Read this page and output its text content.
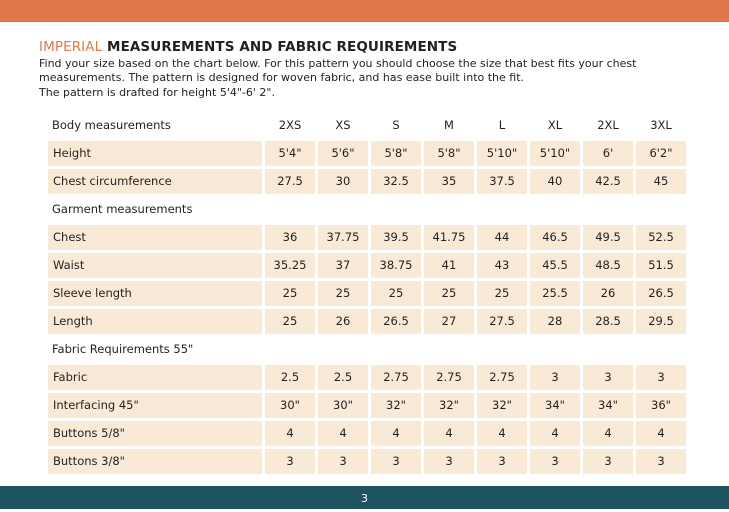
IMPERIAL MEASUREMENTS AND FABRIC REQUIREMENTS
Find your size based on the chart below. For this pattern you should choose the size that best fits your chest
measurements. The pattern is designed for woven fabric, and has ease built into the fit.
The pattern is drafted for height 5'4"-6' 2".
Body measurements	2XS	XS	S	M	L	XL	2XL	3XL
Height	5'4"	5'6"	5'8"	5'8"	5'10"	5'10"	6'	6'2"
Chest circumference	27.5	30	32.5	35	37.5	40	42.5	45
Garment measurements								
Chest	36	37.75	39.5	41.75	44	46.5	49.5	52.5
Waist	35.25	37	38.75	41	43	45.5	48.5	51.5
Sleeve length	25	25	25	25	25	25.5	26	26.5
Length	25	26	26.5	27	27.5	28	28.5	29.5
Fabric Requirements 55"								
Fabric	2.5	2.5	2.75	2.75	2.75	3	3	3
Interfacing 45"	30"	30"	32"	32"	32"	34"	34"	36"
Buttons 5/8"	4	4	4	4	4	4	4	4
Buttons 3/8"	3	3	3	3	3	3	3	3
3
